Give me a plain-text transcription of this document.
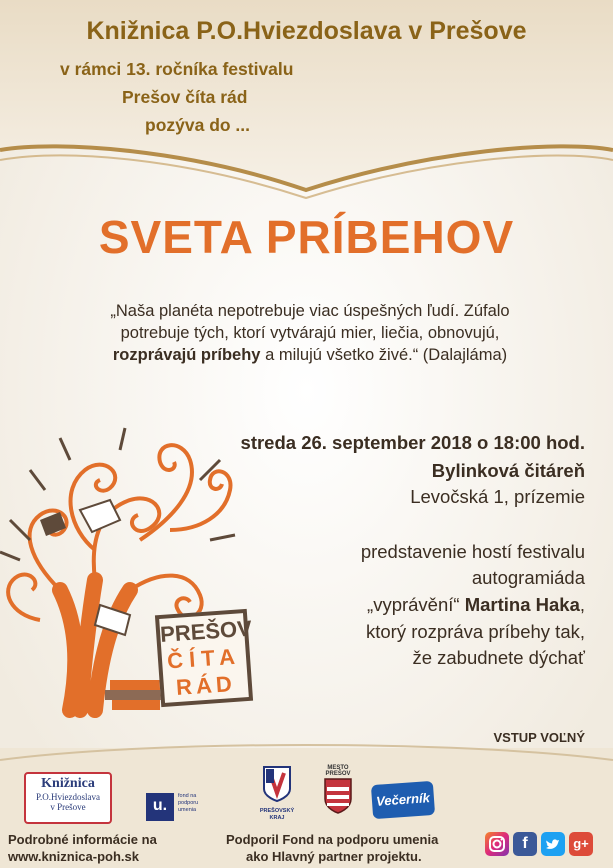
Knižnica P.O.Hviezdoslava v Prešove

v rámci 13. ročníka festivalu

Prešov číta rád

pozýva do ...

SVETA PRÍBEHOV

„Naša planéta nepotrebuje viac úspešných ľudí. Zúfalo
potrebuje tých, ktorí vytvárajú mier, liečia, obnovujú,
rozprávajú príbehy a milujú všetko živé.“ (Dalajláma)

streda 26. september 2018 o 18:00 hod.

Bylinková čitáreň

Levočská 1, prízemie

predstavenie hostí festivalu

autogramiáda

„vyprávění“ Martina Haka,

ktorý rozpráva príbehy tak,

že zabudnete dýchať

VSTUP VOĽNÝ

PREŠOV
ČÍTA
RÁD
Knižnica
P.O.Hviezdoslava
v Prešove	u.
fond na podporu umenia	PREŠOVSKÝ KRAJ
MESTO
PREŠOV
Večerník

Podrobné informácie na

www.kniznica-poh.sk

Podporil Fond na podporu umenia

ako Hlavný partner projektu.

f	g+
